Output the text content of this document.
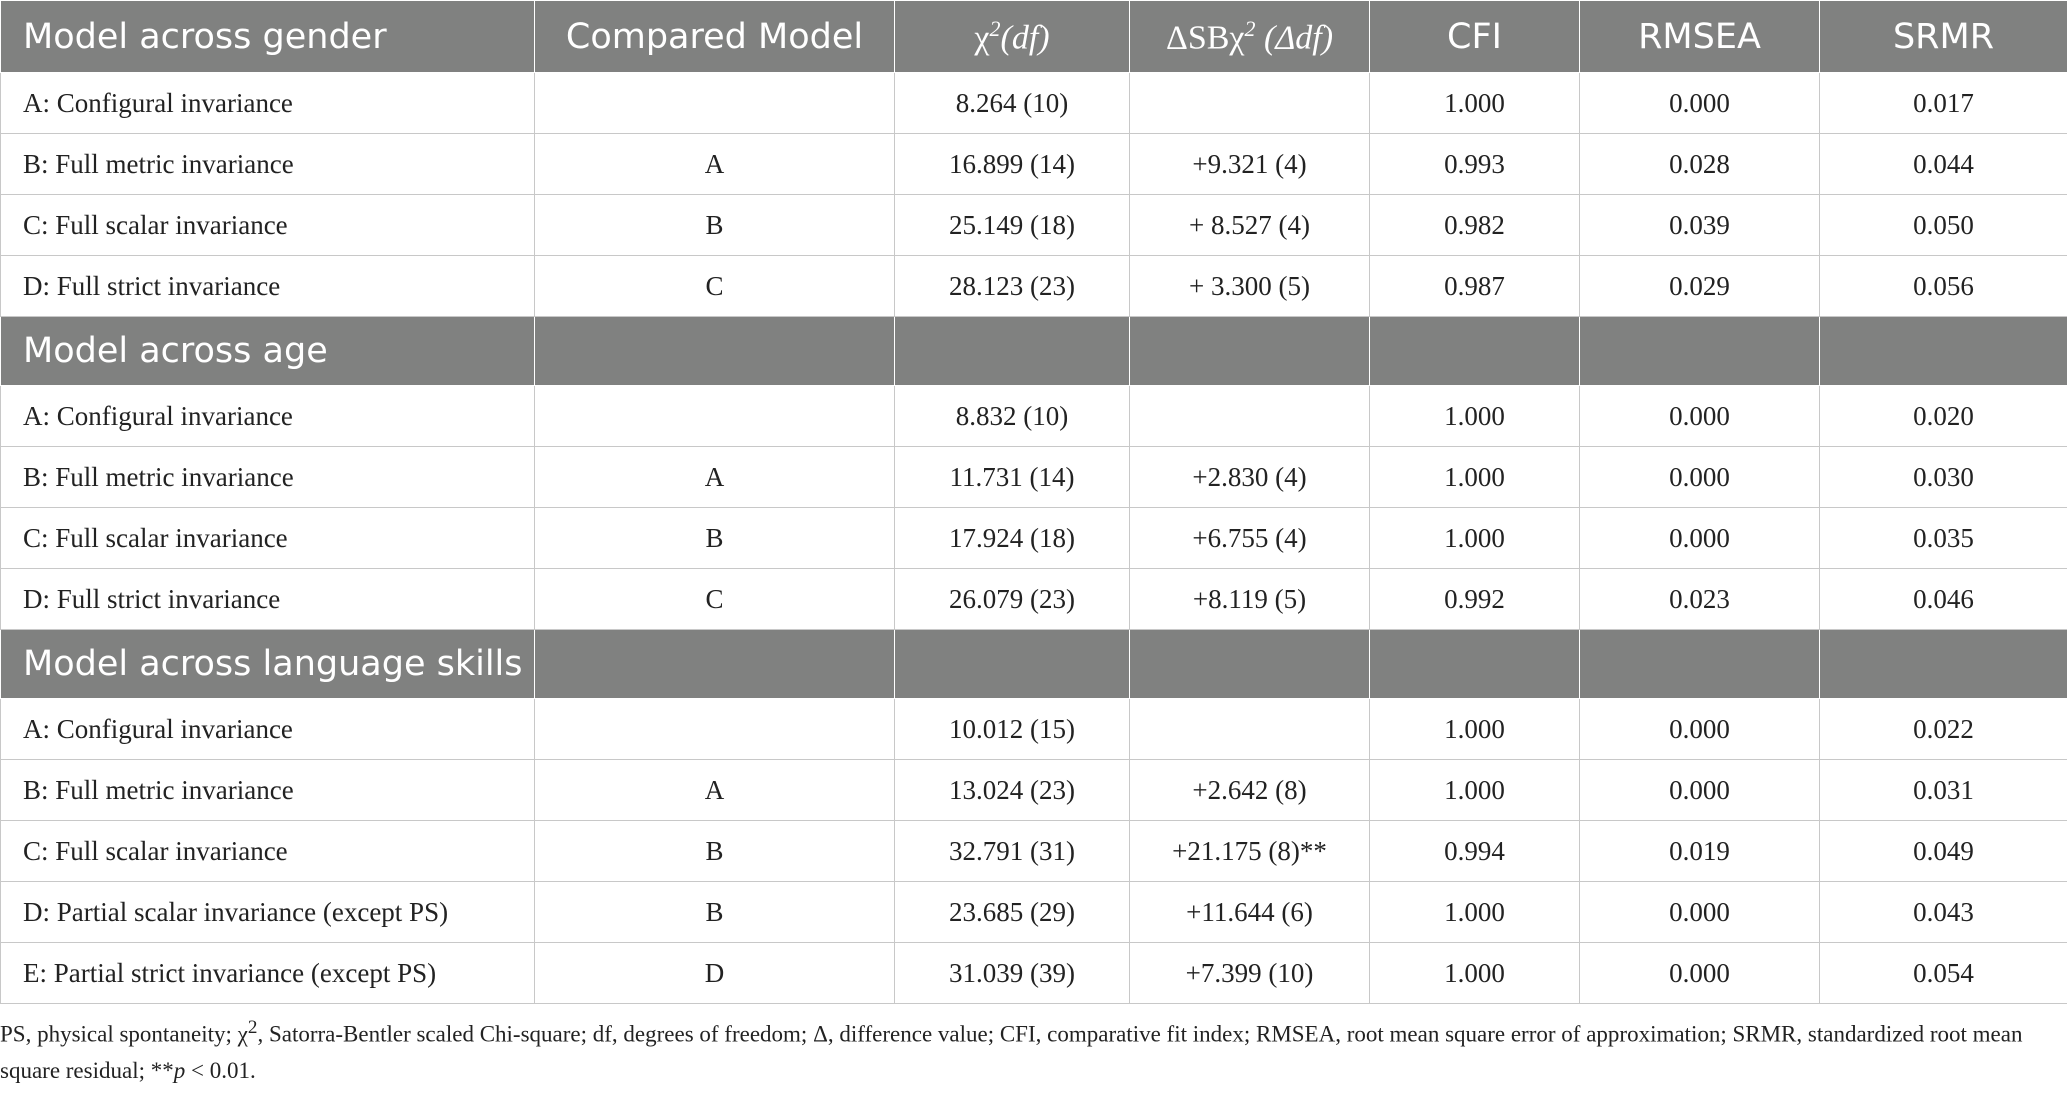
Model across gender	Compared Model	$\chi^2(df)$	ΔSBχ$^2$ (Δdf)	CFI	RMSEA	SRMR
A: Configural invariance		8.264 (10)		1.000	0.000	0.017
B: Full metric invariance	A	16.899 (14)	+9.321 (4)	0.993	0.028	0.044
C: Full scalar invariance	B	25.149 (18)	+ 8.527 (4)	0.982	0.039	0.050
D: Full strict invariance	C	28.123 (23)	+ 3.300 (5)	0.987	0.029	0.056
Model across age						
A: Configural invariance		8.832 (10)		1.000	0.000	0.020
B: Full metric invariance	A	11.731 (14)	+2.830 (4)	1.000	0.000	0.030
C: Full scalar invariance	B	17.924 (18)	+6.755 (4)	1.000	0.000	0.035
D: Full strict invariance	C	26.079 (23)	+8.119 (5)	0.992	0.023	0.046
Model across language skills						
A: Configural invariance		10.012 (15)		1.000	0.000	0.022
B: Full metric invariance	A	13.024 (23)	+2.642 (8)	1.000	0.000	0.031
C: Full scalar invariance	B	32.791 (31)	+21.175 (8)**	0.994	0.019	0.049
D: Partial scalar invariance (except PS)	B	23.685 (29)	+11.644 (6)	1.000	0.000	0.043
E: Partial strict invariance (except PS)	D	31.039 (39)	+7.399 (10)	1.000	0.000	0.054
PS, physical spontaneity; $\chi^2$, Satorra-Bentler scaled Chi-square; df, degrees of freedom; Δ, difference value; CFI, comparative fit index; RMSEA, root mean square error of approximation; SRMR, standardized root mean square residual; **p < 0.01.
